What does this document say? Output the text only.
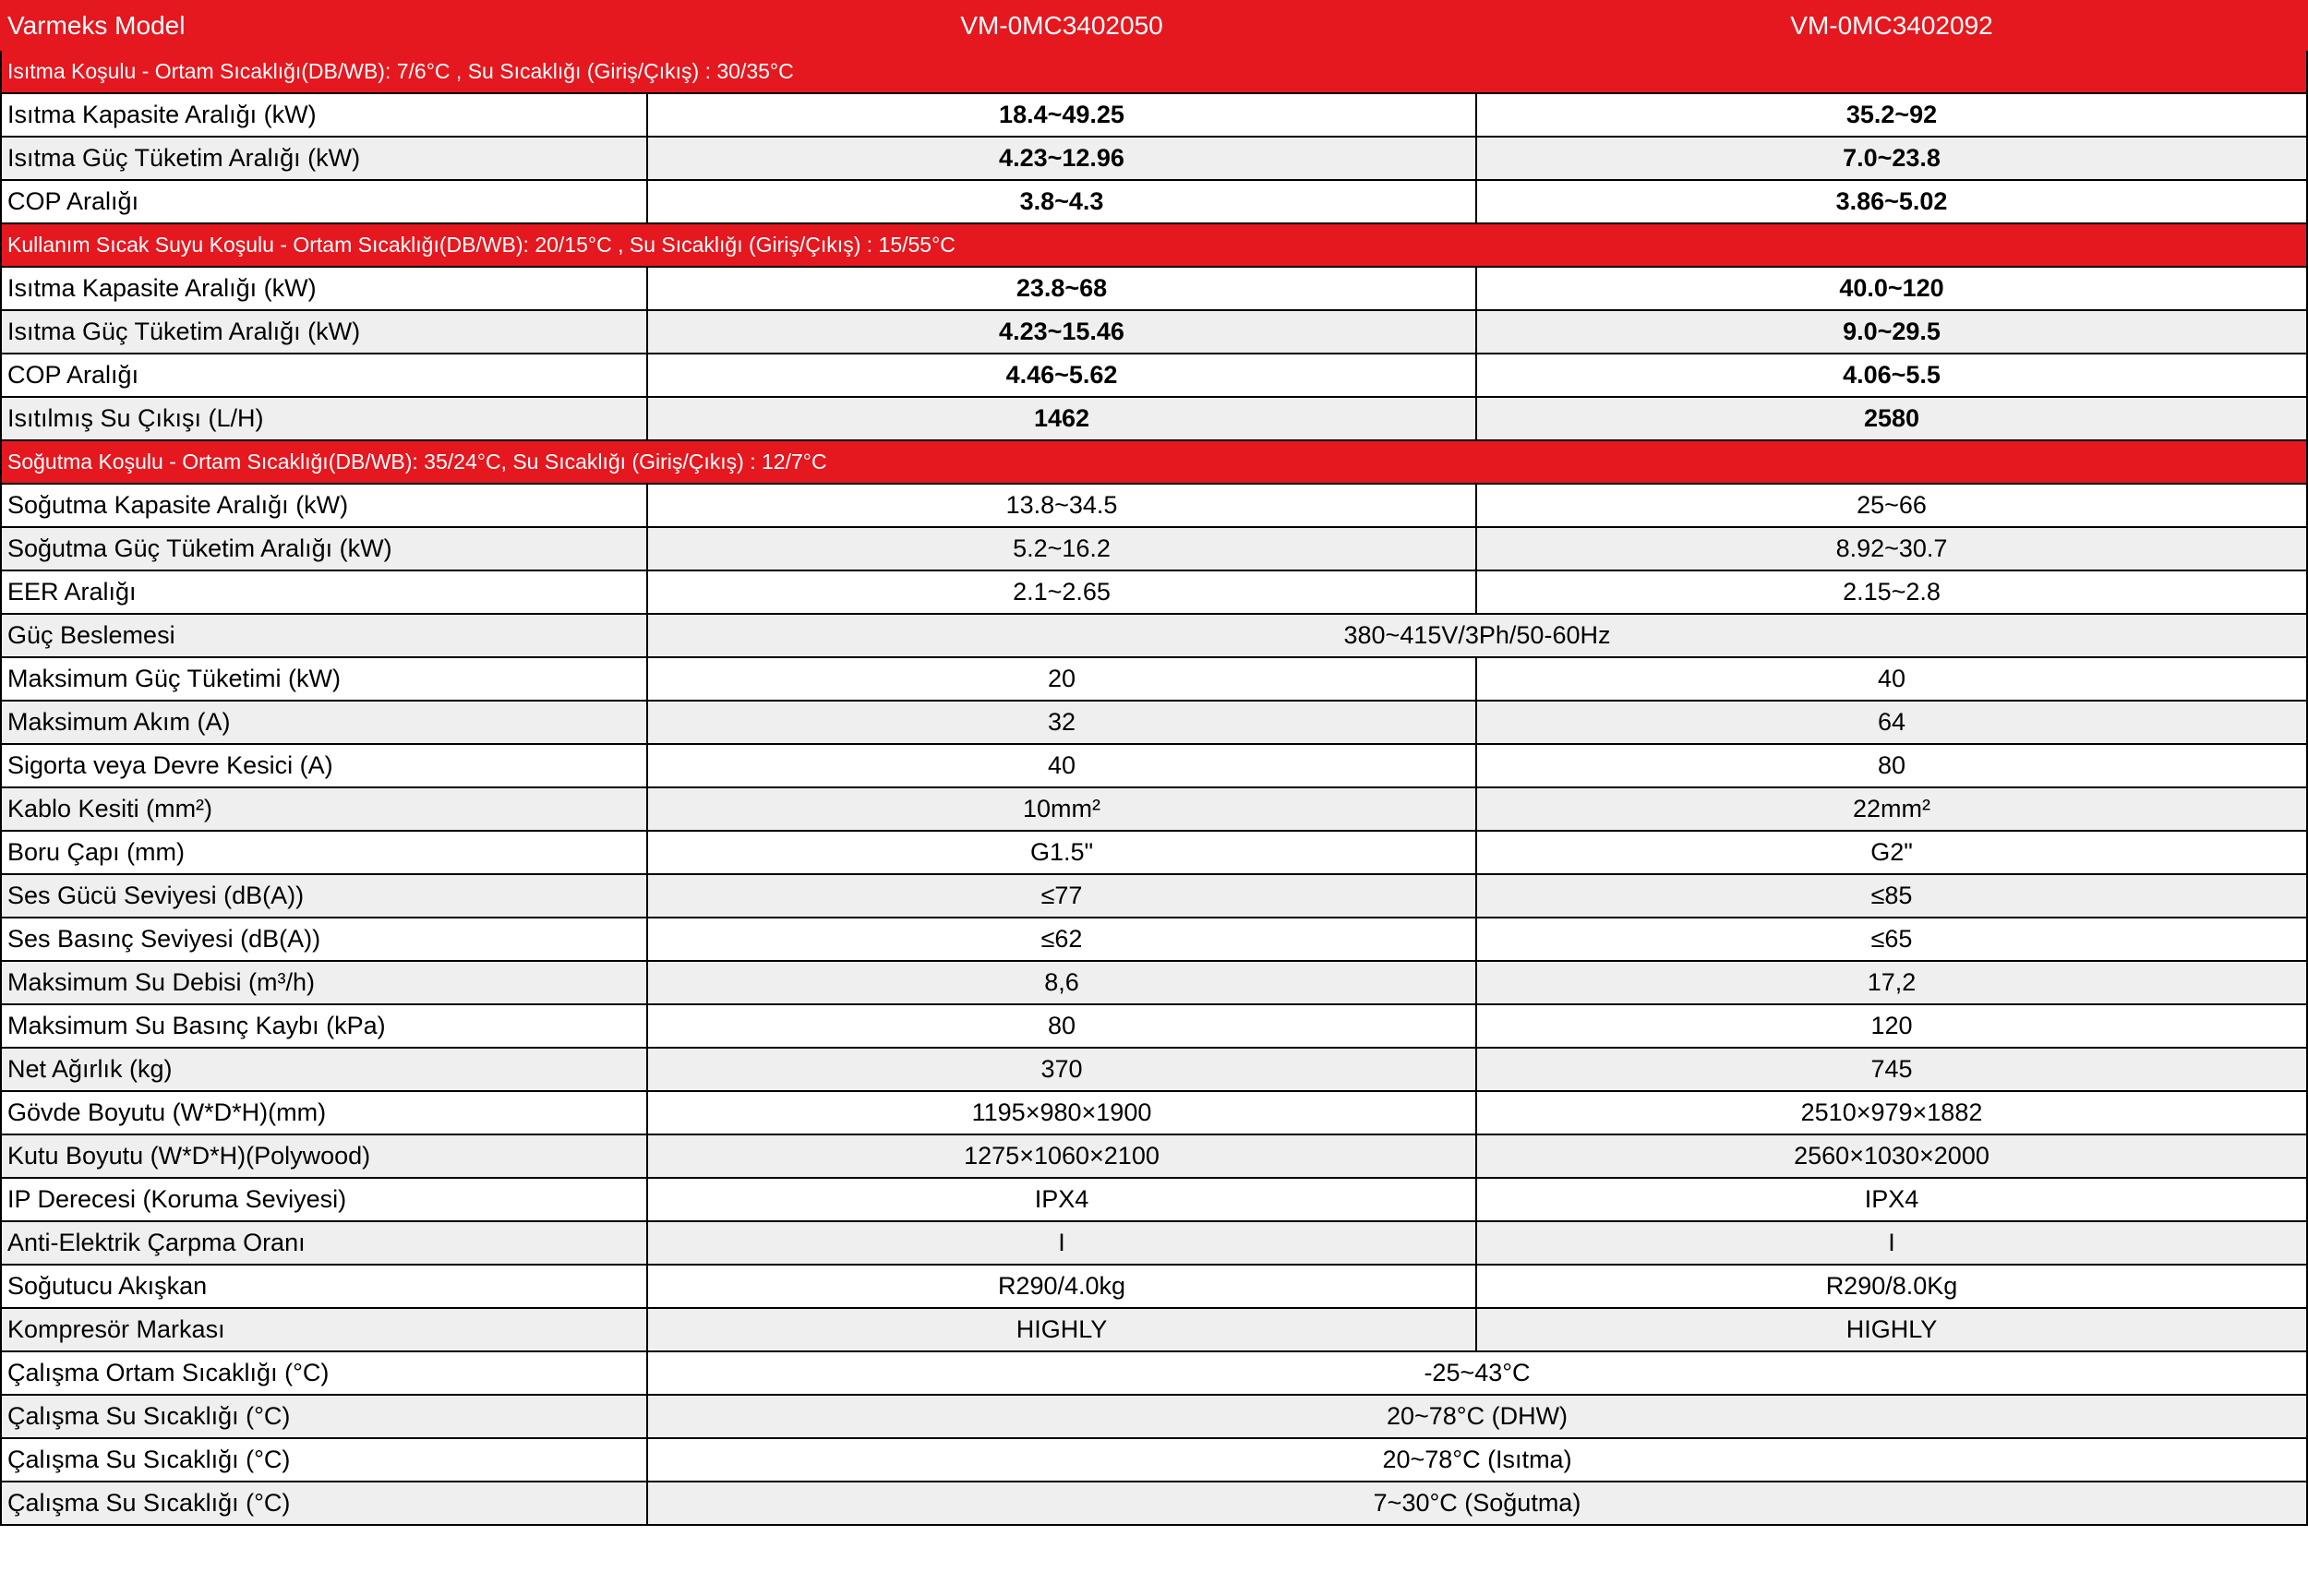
Varmeks Model	VM-0MC3402050	VM-0MC3402092
Isıtma Koşulu - Ortam Sıcaklığı(DB/WB): 7/6°C , Su Sıcaklığı (Giriş/Çıkış) : 30/35°C		
Isıtma Kapasite Aralığı (kW)	18.4~49.25	35.2~92
Isıtma Güç Tüketim Aralığı (kW)	4.23~12.96	7.0~23.8
COP Aralığı	3.8~4.3	3.86~5.02
Kullanım Sıcak Suyu Koşulu - Ortam Sıcaklığı(DB/WB): 20/15°C , Su Sıcaklığı (Giriş/Çıkış) : 15/55°C		
Isıtma Kapasite Aralığı (kW)	23.8~68	40.0~120
Isıtma Güç Tüketim Aralığı (kW)	4.23~15.46	9.0~29.5
COP Aralığı	4.46~5.62	4.06~5.5
Isıtılmış Su Çıkışı (L/H)	1462	2580
Soğutma Koşulu - Ortam Sıcaklığı(DB/WB): 35/24°C, Su Sıcaklığı (Giriş/Çıkış) : 12/7°C		
Soğutma Kapasite Aralığı (kW)	13.8~34.5	25~66
Soğutma Güç Tüketim Aralığı (kW)	5.2~16.2	8.92~30.7
EER Aralığı	2.1~2.65	2.15~2.8
Güç Beslemesi	380~415V/3Ph/50-60Hz	
Maksimum Güç Tüketimi (kW)	20	40
Maksimum Akım (A)	32	64
Sigorta veya Devre Kesici (A)	40	80
Kablo Kesiti (mm²)	10mm²	22mm²
Boru Çapı (mm)	G1.5"	G2"
Ses Gücü Seviyesi (dB(A))	≤77	≤85
Ses Basınç Seviyesi (dB(A))	≤62	≤65
Maksimum Su Debisi (m³/h)	8,6	17,2
Maksimum Su Basınç Kaybı (kPa)	80	120
Net Ağırlık (kg)	370	745
Gövde Boyutu (W*D*H)(mm)	1195×980×1900	2510×979×1882
Kutu Boyutu (W*D*H)(Polywood)	1275×1060×2100	2560×1030×2000
IP Derecesi (Koruma Seviyesi)	IPX4	IPX4
Anti-Elektrik Çarpma Oranı	I	I
Soğutucu Akışkan	R290/4.0kg	R290/8.0Kg
Kompresör Markası	HIGHLY	HIGHLY
Çalışma Ortam Sıcaklığı (°C)	-25~43°C	
Çalışma Su Sıcaklığı (°C)	20~78°C (DHW)	
Çalışma Su Sıcaklığı (°C)	20~78°C (Isıtma)	
Çalışma Su Sıcaklığı (°C)	7~30°C (Soğutma)	
